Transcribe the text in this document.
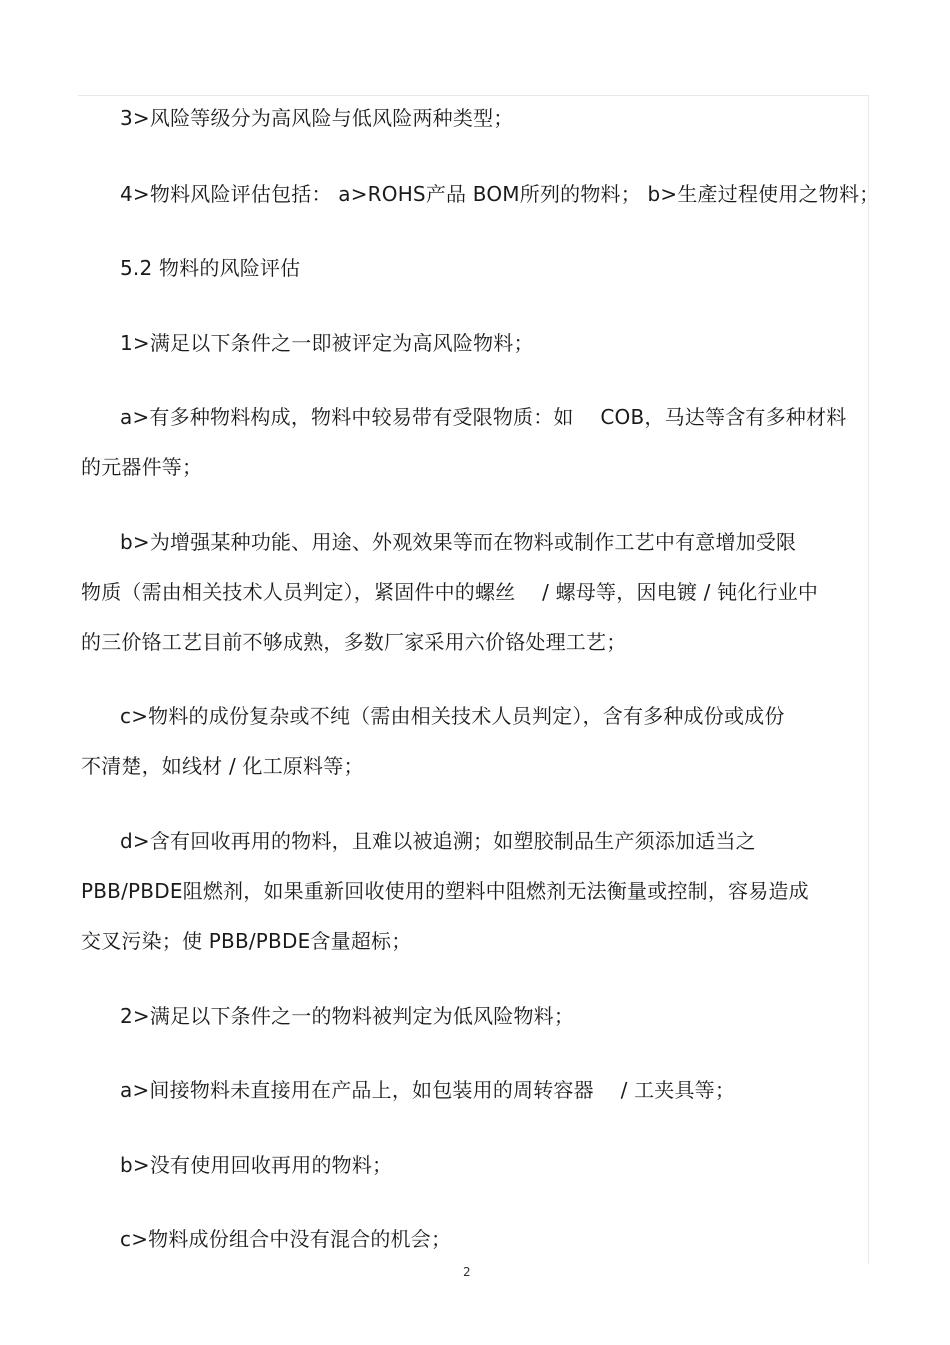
3>风险等级分为高风险与低风险两种类型；
4>物料风险评估包括： a>ROHS产品 BOM所列的物料； b>生產过程使用之物料；
5.2 物料的风险评估
1>满足以下条件之一即被评定为高风险物料；
a>有多种物料构成，物料中较易带有受限物质：如　 COB，马达等含有多种材料
的元器件等；
b>为增强某种功能、用途、外观效果等而在物料或制作工艺中有意增加受限
物质（需由相关技术人员判定），紧固件中的螺丝　 / 螺母等，因电镀 / 钝化行业中
的三价铬工艺目前不够成熟，多数厂家采用六价铬处理工艺；
c>物料的成份复杂或不纯（需由相关技术人员判定），含有多种成份或成份
不清楚，如线材 / 化工原料等；
d>含有回收再用的物料，且难以被追溯；如塑胶制品生产须添加适当之
PBB/PBDE阻燃剂，如果重新回收使用的塑料中阻燃剂无法衡量或控制，容易造成
交叉污染；使 PBB/PBDE含量超标；
2>满足以下条件之一的物料被判定为低风险物料；
a>间接物料未直接用在产品上，如包装用的周转容器　 / 工夹具等；
b>没有使用回收再用的物料；
c>物料成份组合中没有混合的机会；
2
